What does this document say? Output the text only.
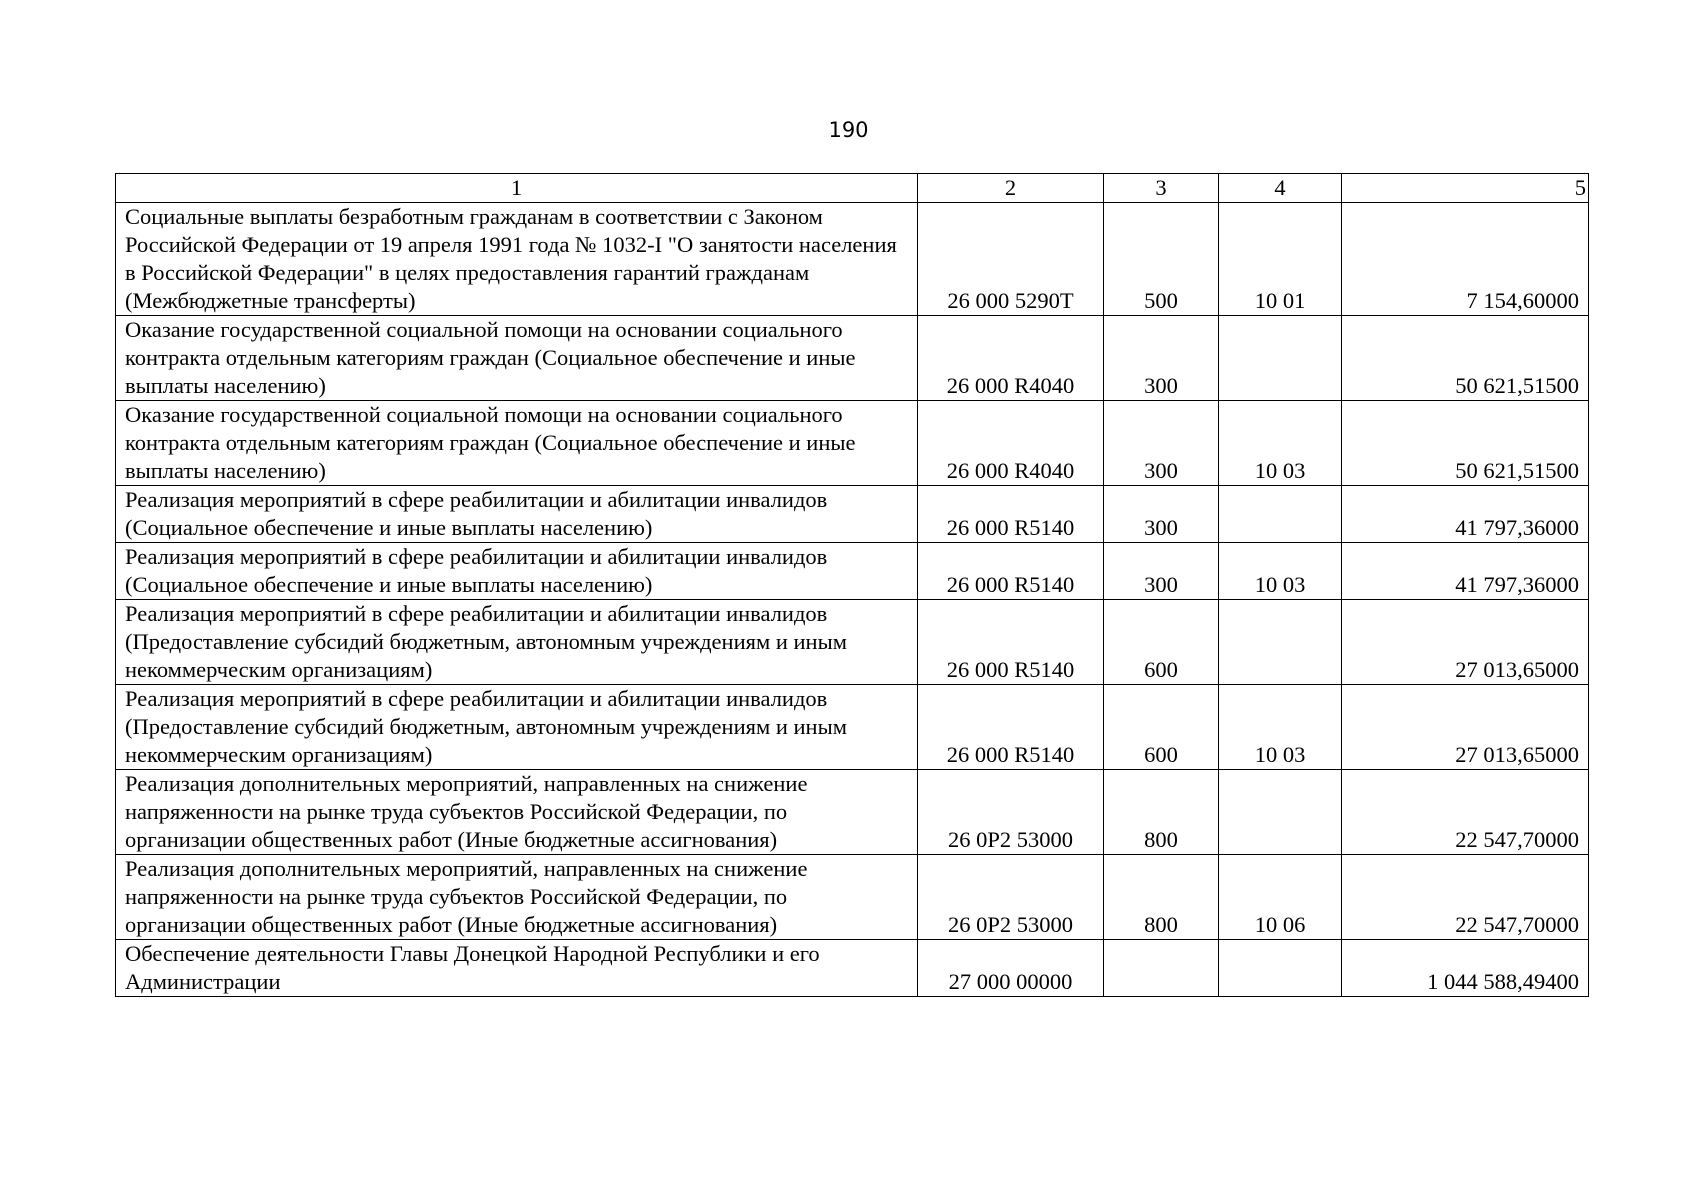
190
1	2	3	4	5
Социальные выплаты безработным гражданам в соответствии с Законом Российской Федерации от 19 апреля 1991 года № 1032-I "О занятости населения в Российской Федерации" в целях предоставления гарантий гражданам (Межбюджетные трансферты)	26 000 5290Т	500	10 01	7 154,60000
Оказание государственной социальной помощи на основании социального контракта отдельным категориям граждан (Социальное обеспечение и иные выплаты населению)	26 000 R4040	300		50 621,51500
Оказание государственной социальной помощи на основании социального контракта отдельным категориям граждан (Социальное обеспечение и иные выплаты населению)	26 000 R4040	300	10 03	50 621,51500
Реализация мероприятий в сфере реабилитации и абилитации инвалидов (Социальное обеспечение и иные выплаты населению)	26 000 R5140	300		41 797,36000
Реализация мероприятий в сфере реабилитации и абилитации инвалидов (Социальное обеспечение и иные выплаты населению)	26 000 R5140	300	10 03	41 797,36000
Реализация мероприятий в сфере реабилитации и абилитации инвалидов (Предоставление субсидий бюджетным, автономным учреждениям и иным некоммерческим организациям)	26 000 R5140	600		27 013,65000
Реализация мероприятий в сфере реабилитации и абилитации инвалидов (Предоставление субсидий бюджетным, автономным учреждениям и иным некоммерческим организациям)	26 000 R5140	600	10 03	27 013,65000
Реализация дополнительных мероприятий, направленных на снижение напряженности на рынке труда субъектов Российской Федерации, по организации общественных работ (Иные бюджетные ассигнования)	26 0Р2 53000	800		22 547,70000
Реализация дополнительных мероприятий, направленных на снижение напряженности на рынке труда субъектов Российской Федерации, по организации общественных работ (Иные бюджетные ассигнования)	26 0Р2 53000	800	10 06	22 547,70000
Обеспечение деятельности Главы Донецкой Народной Республики и его Администрации	27 000 00000			1 044 588,49400
